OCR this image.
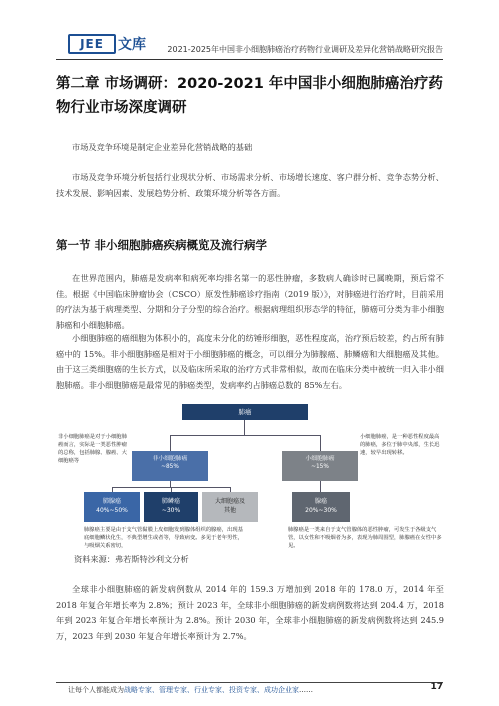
ЈEE 文库	2021-2025年中国非小细胞肺癌治疗药物行业调研及差异化营销战略研究报告
第二章 市场调研：2020-2021 年中国非小细胞肺癌治疗药物行业市场深度调研
市场及竞争环境是制定企业差异化营销战略的基础
市场及竞争环境分析包括行业现状分析、市场需求分析、市场增长速度、客户群分析、竞争态势分析、技术发展、影响因素、发展趋势分析、政策环境分析等各方面。
第一节 非小细胞肺癌疾病概览及流行病学
在世界范围内，肺癌是发病率和病死率均排名第一的恶性肿瘤，多数病人确诊时已属晚期，预后常不佳。根据《中国临床肿瘤协会（CSCO）原发性肺癌诊疗指南（2019 版）》，对肺癌进行治疗时，目前采用的疗法为基于病理类型、分期和分子分型的综合治疗。根据病理组织形态学的特征，肺癌可分类为非小细胞肺癌和小细胞肺癌。
小细胞肺癌的癌细胞为体积小的，高度未分化的纺锤形细胞，恶性程度高，治疗预后较差，约占所有肺癌中的 15%。非小细胞肺癌是相对于小细胞肺癌的概念，可以细分为肺腺癌、肺鳞癌和大细胞癌及其他。由于这三类细胞癌的生长方式，以及临床所采取的治疗方式非常相似，故而在临床分类中被统一归入非小细胞肺癌。非小细胞肺癌是最常见的肺癌类型，发病率约占肺癌总数的 85%左右。
肺癌
非小细胞肺癌
~85%
小细胞肺癌
~15%
肺腺癌
40%~50%
肺鳞癌
~30%
大细胞癌及
其他
腺癌
20%~30%
非小细胞肺癌是对于小细胞肺癌而言，实际是一类恶性肿瘤的总称，包括肺腺、腺癌、大细胞癌等
小细胞肺癌，是一种恶性程度最高的肺癌，多位于肺中央部，生长迅速，较早出现转移。
肺腺癌主要是由于支气管黏膜上皮细胞发到腺体组织的腺癌，出现基底细胞鳞状化生，不典型增生或者等，导致病变。多见于老年男性，与吸烟关系密切，
肺腺癌是一类来自于支气管腺体的恶性肿瘤，可发生于各级支气管，以女性和不吸烟者为多，表现为肺周围型，肺腺癌在女性中多见。
资料来源：弗若斯特沙利文分析
全球非小细胞肺癌的新发病例数从 2014 年的 159.3 万增加到 2018 年的 178.0 万，2014 年至 2018 年复合年增长率为 2.8%；预计 2023 年，全球非小细胞肺癌的新发病例数将达到 204.4 万，2018 年到 2023 年复合年增长率预计为 2.8%。预计 2030 年，全球非小细胞肺癌的新发病例数将达到 245.9 万，2023 年到 2030 年复合年增长率预计为 2.7%。
让每个人都能成为战略专家、管理专家、行业专家、投资专家、成功企业家……	17
